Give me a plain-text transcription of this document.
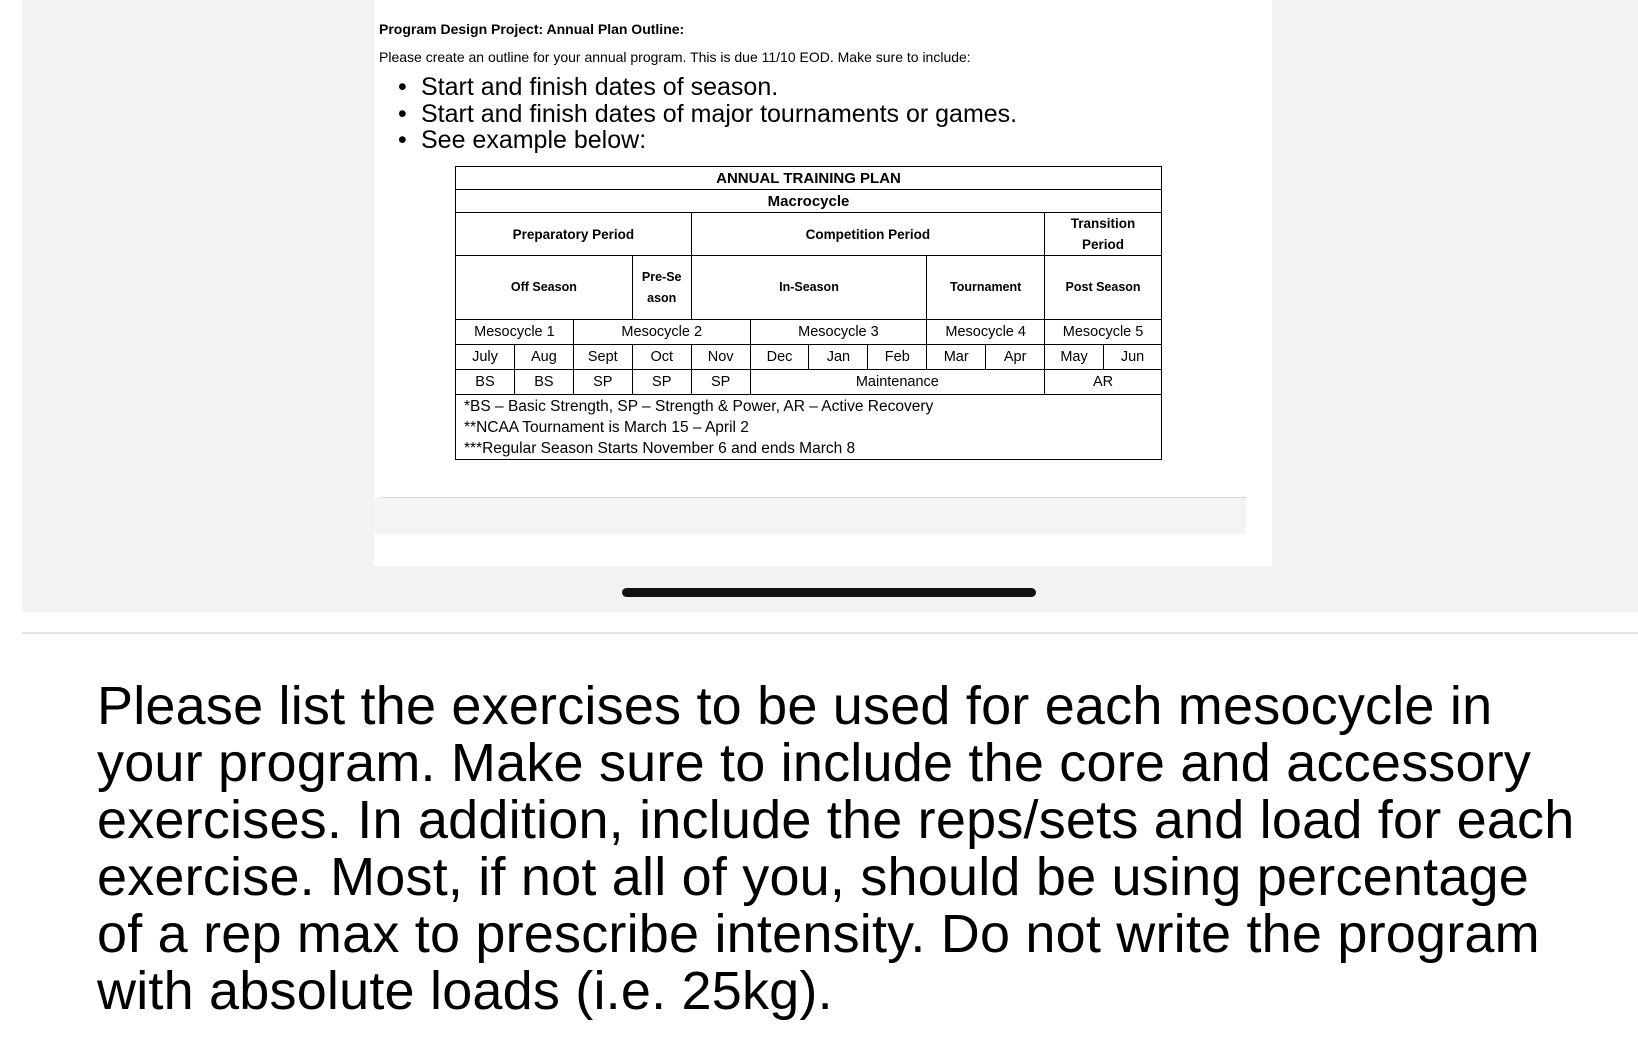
Program Design Project: Annual Plan Outline:
Please create an outline for your annual program. This is due 11/10 EOD. Make sure to include:
• Start and finish dates of season.
• Start and finish dates of major tournaments or games.
• See example below:
ANNUAL TRAINING PLAN											
Macrocycle											
Preparatory Period				Competition Period						Transition Period	

Off Season			Pre-Season	In-Season				Tournament		Post Season	
Mesocycle 1		Mesocycle 2			Mesocycle 3			Mesocycle 4		Mesocycle 5	
July	Aug	Sept	Oct	Nov	Dec	Jan	Feb	Mar	Apr	May	Jun
BS	BS	SP	SP	SP	Maintenance					AR	

*BS – Basic Strength, SP – Strength & Power, AR – Active Recovery
**NCAA Tournament is March 15 – April 2
***Regular Season Starts November 6 and ends March 8											

Please list the exercises to be used for each mesocycle in your program. Make sure to include the core and accessory exercises. In addition, include the reps/sets and load for each exercise. Most, if not all of you, should be using percentage of a rep max to prescribe intensity. Do not write the program with absolute loads (i.e. 25kg).
